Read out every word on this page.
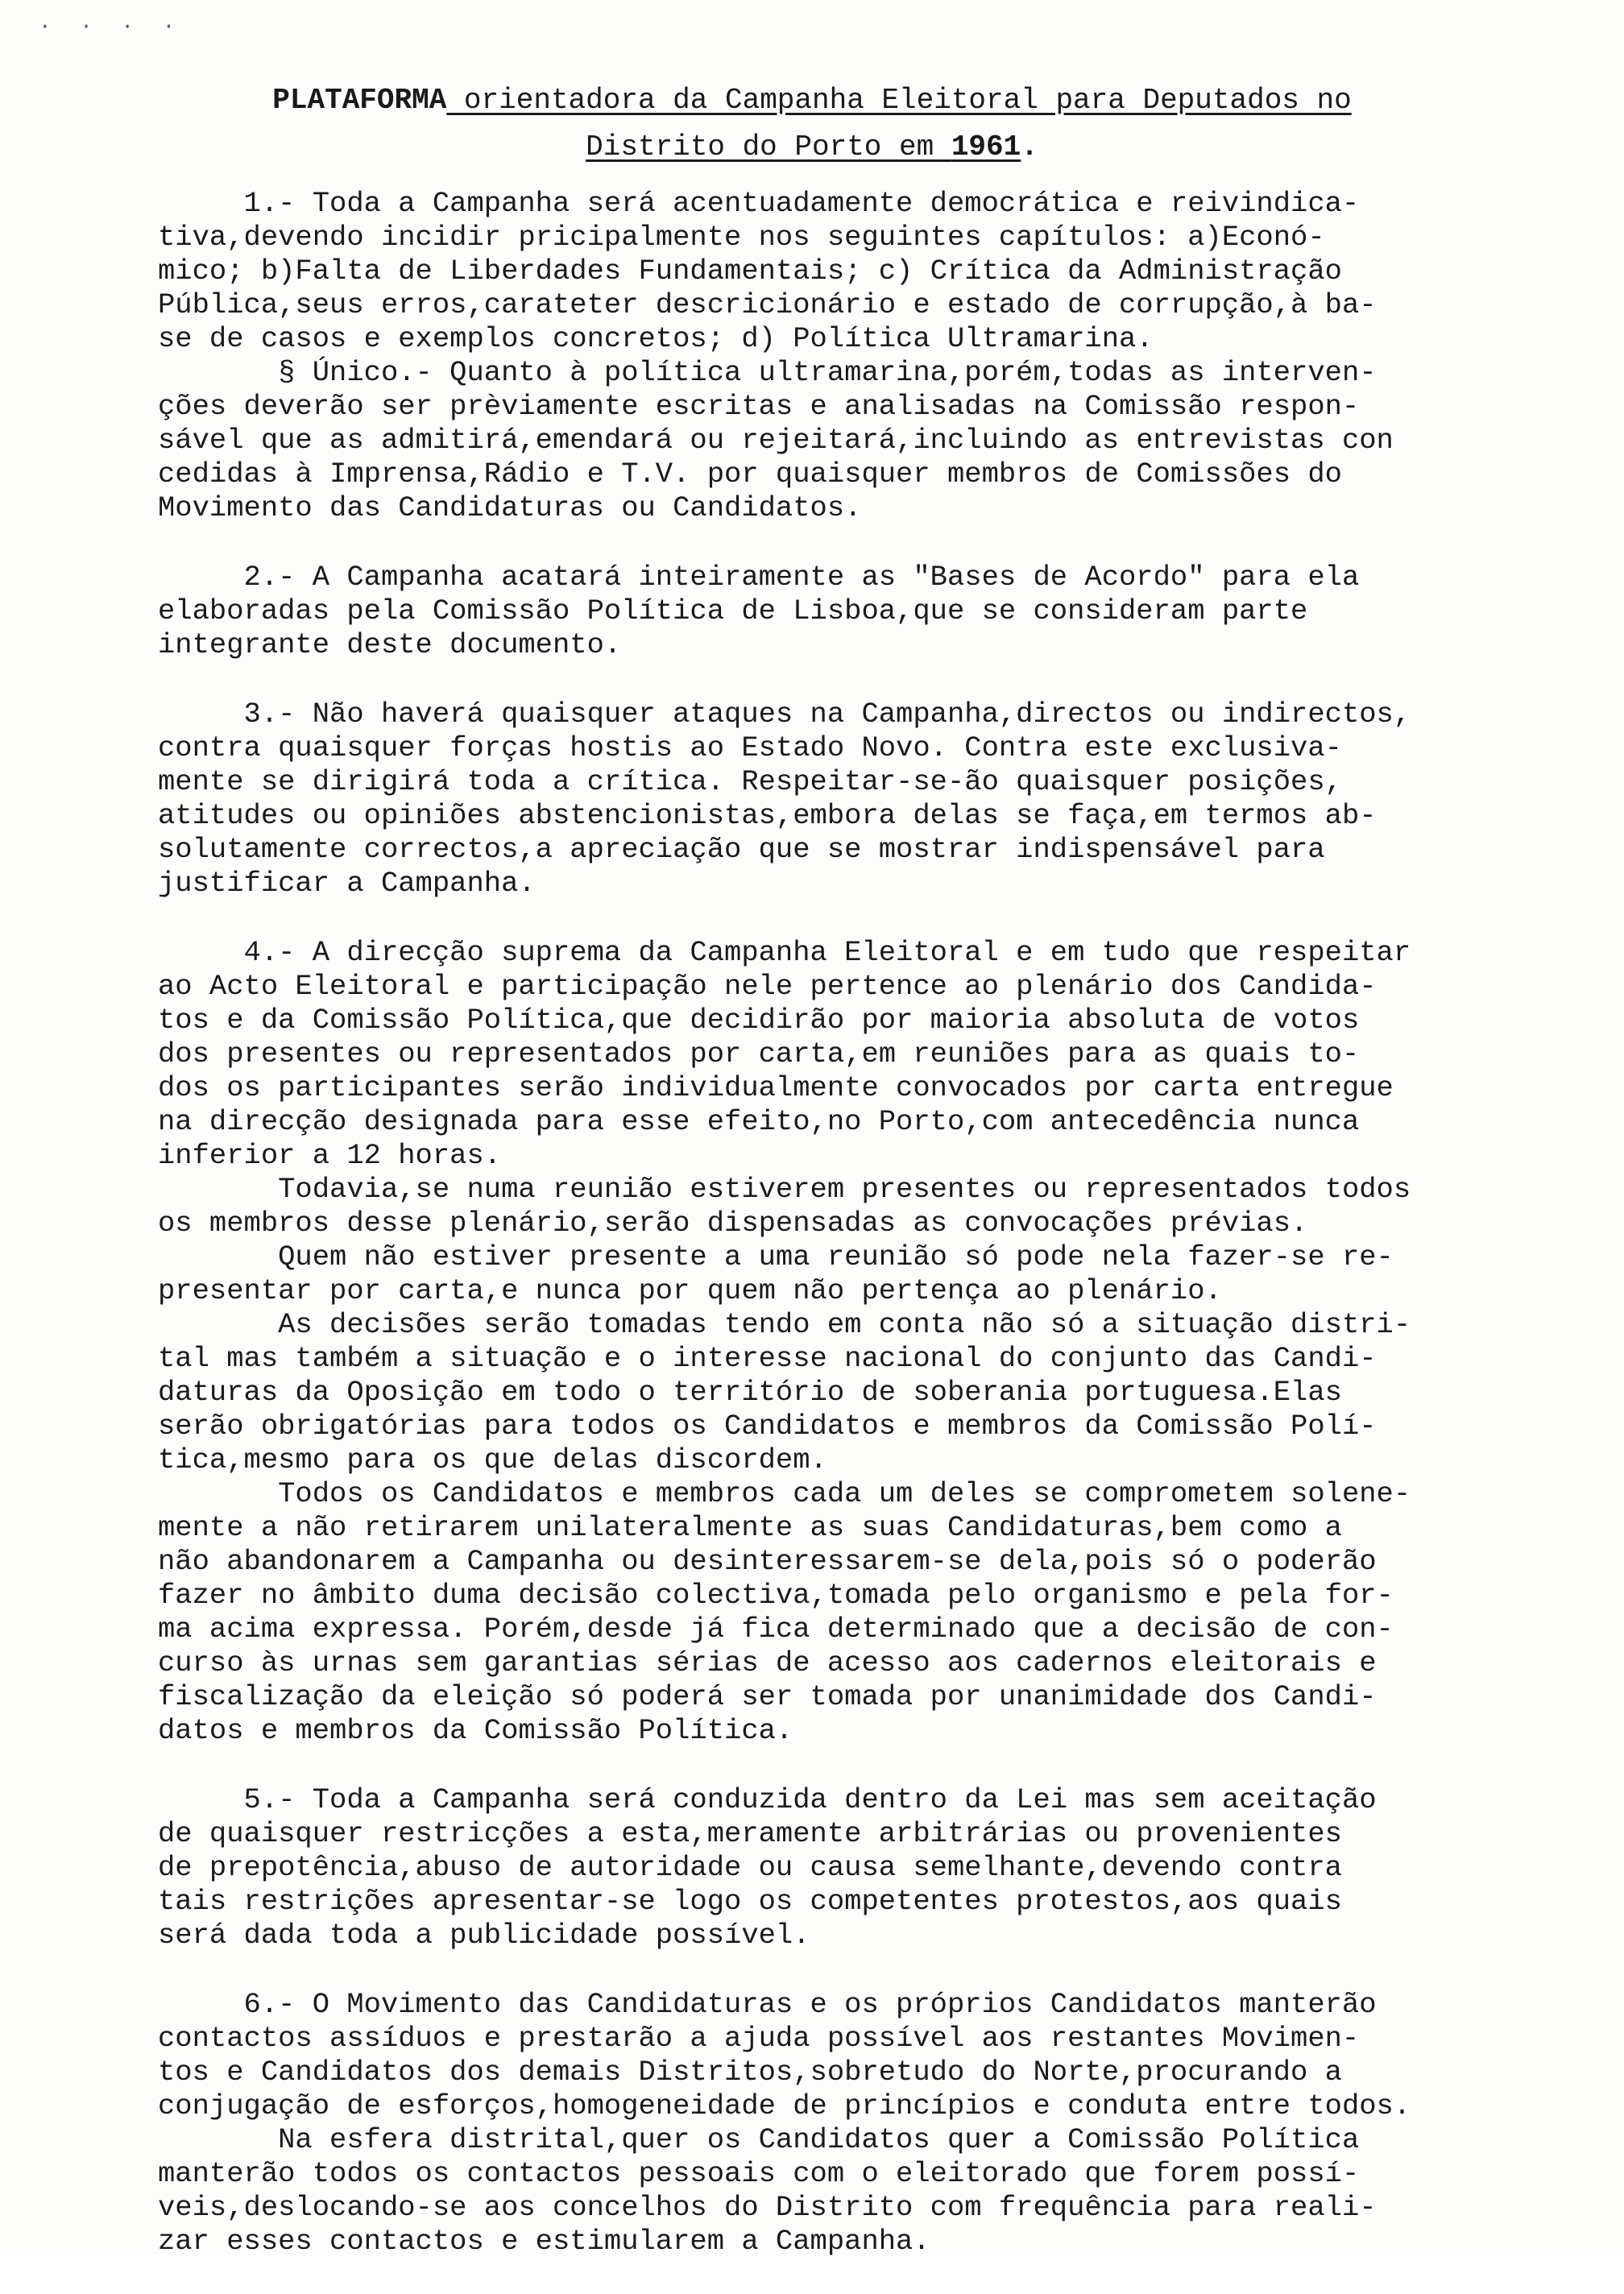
· · · ·
PLATAFORMA orientadora da Campanha Eleitoral para Deputados no
Distrito do Porto em 1961.
1.- Toda a Campanha será acentuadamente democrática e reivindica-
tiva,devendo incidir pricipalmente nos seguintes capítulos: a)Econó-
mico; b)Falta de Liberdades Fundamentais; c) Crítica da Administração
Pública,seus erros,carateter descricionário e estado de corrupção,à ba-
se de casos e exemplos concretos; d) Política Ultramarina.
§ Único.- Quanto à política ultramarina,porém,todas as interven-
ções deverão ser prèviamente escritas e analisadas na Comissão respon-
sável que as admitirá,emendará ou rejeitará,incluindo as entrevistas con
cedidas à Imprensa,Rádio e T.V. por quaisquer membros de Comissões do
Movimento das Candidaturas ou Candidatos.
2.- A Campanha acatará inteiramente as "Bases de Acordo" para ela
elaboradas pela Comissão Política de Lisboa,que se consideram parte
integrante deste documento.
3.- Não haverá quaisquer ataques na Campanha,directos ou indirectos,
contra quaisquer forças hostis ao Estado Novo. Contra este exclusiva-
mente se dirigirá toda a crítica. Respeitar-se-ão quaisquer posições,
atitudes ou opiniões abstencionistas,embora delas se faça,em termos ab-
solutamente correctos,a apreciação que se mostrar indispensável para
justificar a Campanha.
4.- A direcção suprema da Campanha Eleitoral e em tudo que respeitar
ao Acto Eleitoral e participação nele pertence ao plenário dos Candida-
tos e da Comissão Política,que decidirão por maioria absoluta de votos
dos presentes ou representados por carta,em reuniões para as quais to-
dos os participantes serão individualmente convocados por carta entregue
na direcção designada para esse efeito,no Porto,com antecedência nunca
inferior a 12 horas.
Todavia,se numa reunião estiverem presentes ou representados todos
os membros desse plenário,serão dispensadas as convocações prévias.
Quem não estiver presente a uma reunião só pode nela fazer-se re-
presentar por carta,e nunca por quem não pertença ao plenário.
As decisões serão tomadas tendo em conta não só a situação distri-
tal mas também a situação e o interesse nacional do conjunto das Candi-
daturas da Oposição em todo o território de soberania portuguesa.Elas
serão obrigatórias para todos os Candidatos e membros da Comissão Polí-
tica,mesmo para os que delas discordem.
Todos os Candidatos e membros cada um deles se comprometem solene-
mente a não retirarem unilateralmente as suas Candidaturas,bem como a
não abandonarem a Campanha ou desinteressarem-se dela,pois só o poderão
fazer no âmbito duma decisão colectiva,tomada pelo organismo e pela for-
ma acima expressa. Porém,desde já fica determinado que a decisão de con-
curso às urnas sem garantias sérias de acesso aos cadernos eleitorais e
fiscalização da eleição só poderá ser tomada por unanimidade dos Candi-
datos e membros da Comissão Política.
5.- Toda a Campanha será conduzida dentro da Lei mas sem aceitação
de quaisquer restricções a esta,meramente arbitrárias ou provenientes
de prepotência,abuso de autoridade ou causa semelhante,devendo contra
tais restrições apresentar-se logo os competentes protestos,aos quais
será dada toda a publicidade possível.
6.- O Movimento das Candidaturas e os próprios Candidatos manterão
contactos assíduos e prestarão a ajuda possível aos restantes Movimen-
tos e Candidatos dos demais Distritos,sobretudo do Norte,procurando a
conjugação de esforços,homogeneidade de princípios e conduta entre todos.
Na esfera distrital,quer os Candidatos quer a Comissão Política
manterão todos os contactos pessoais com o eleitorado que forem possí-
veis,deslocando-se aos concelhos do Distrito com frequência para reali-
zar esses contactos e estimularem a Campanha.
